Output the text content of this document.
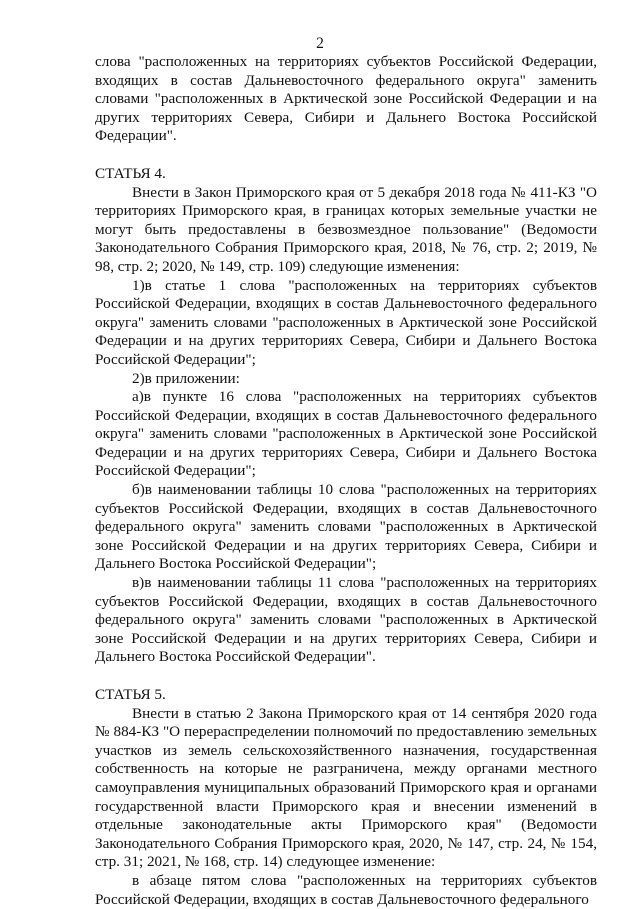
2

слова "расположенных на территориях субъектов Российской Федерации, входящих в состав Дальневосточного федерального округа" заменить словами "расположенных в Арктической зоне Российской Федерации и на других территориях Севера, Сибири и Дальнего Востока Российской Федерации".

СТАТЬЯ 4.

Внести в Закон Приморского края от 5 декабря 2018 года № 411-КЗ "О территориях Приморского края, в границах которых земельные участки не могут быть предоставлены в безвозмездное пользование" (Ведомости Законодательного Собрания Приморского края, 2018, № 76, стр. 2; 2019, № 98, стр. 2; 2020, № 149, стр. 109) следующие изменения:

1)в статье 1 слова "расположенных на территориях субъектов Российской Федерации, входящих в состав Дальневосточного федерального округа" заменить словами "расположенных в Арктической зоне Российской Федерации и на других территориях Севера, Сибири и Дальнего Востока Российской Федерации";

2)в приложении:

а)в пункте 16 слова "расположенных на территориях субъектов Российской Федерации, входящих в состав Дальневосточного федерального округа" заменить словами "расположенных в Арктической зоне Российской Федерации и на других территориях Севера, Сибири и Дальнего Востока Российской Федерации";

б)в наименовании таблицы 10 слова "расположенных на территориях субъектов Российской Федерации, входящих в состав Дальневосточного федерального округа" заменить словами "расположенных в Арктической зоне Российской Федерации и на других территориях Севера, Сибири и Дальнего Востока Российской Федерации";

в)в наименовании таблицы 11 слова "расположенных на территориях субъектов Российской Федерации, входящих в состав Дальневосточного федерального округа" заменить словами "расположенных в Арктической зоне Российской Федерации и на других территориях Севера, Сибири и Дальнего Востока Российской Федерации".

СТАТЬЯ 5.

Внести в статью 2 Закона Приморского края от 14 сентября 2020 года № 884-КЗ "О перераспределении полномочий по предоставлению земельных участков из земель сельскохозяйственного назначения, государственная собственность на которые не разграничена, между органами местного самоуправления муниципальных образований Приморского края и органами государственной власти Приморского края и внесении изменений в отдельные законодательные акты Приморского края" (Ведомости Законодательного Собрания Приморского края, 2020, № 147, стр. 24, № 154, стр. 31; 2021, № 168, стр. 14) следующее изменение:

в абзаце пятом слова "расположенных на территориях субъектов Российской Федерации, входящих в состав Дальневосточного федерального
